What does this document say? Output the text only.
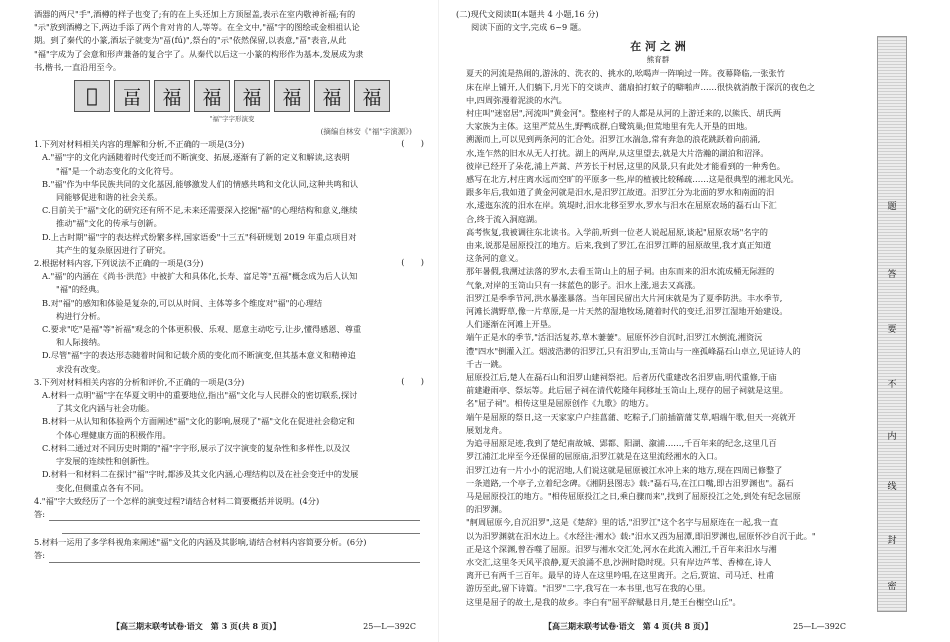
酒器的两尺"手",酒樽的样子也变了;有的在上头还加上方顶屋盖,表示在室内敬神祈福;有的

"示"放到酒樽之下,两边手添了两个肯对肯的人,等等。在全文中,"福"字的图绘或金相祖认论

期。到了秦代的小篆,酒坛子就变为"畐(fú)",祭台的"示"依然保留,以表意,"畐"表音,从此

"福"字成为了会意和形声兼备的复合字了。从秦代以后这一小篆的构形作为基本,发展成为隶

书,楷书,一直沿用至今。

𥘆	畐	福	福	福	福	福	福

"福"字字形演变

(摘编自林安《"福"字演源》)

1.下列对材料相关内容的理解和分析,不正确的一项是(3分)	(　　)

A."福"字的文化内涵随着时代变迁而不断演变、拓展,逐渐有了新的定义和解读,这表明

"福"是一个动态变化的文化符号。

B."福"作为中华民族共同的文化基因,能够激发人们的情感共鸣和文化认同,这种共鸣和认

同能够促进和谐的社会关系。

C.目前关于"福"文化的研究还有所不足,未来还需要深入挖掘"福"的心理结构和意义,继续

推动"福"文化的传承与创新。

D.上古时期"福"字的表达样式纷繁多样,国家语委"十三五"科研规划 2019 年重点项目对

其产生的复杂原因进行了研究。

2.根据材料内容,下列说法不正确的一项是(3分)	(　　)

A."福"的内涵在《尚书·洪范》中被扩大和具体化,长寿、富足等"五福"概念成为后人认知

"福"的经典。

B.对"福"的感知和体验是复杂的,可以从时间、主体等多个维度对"福"的心理结

构进行分析。

C.要求"吃"是福"等"祈福"观念的个体更积极、乐观、愿意主动吃亏,让步,懂得感恩、尊重

和人际接纳。

D.尽管"福"字的表达形态随着时间和记载介质的变化而不断演变,但其基本意义和精神追

求没有改变。

3.下列对材料相关内容的分析和评价,不正确的一项是(3分)	(　　)

A.材料一点明"福"字在华夏文明中的重要地位,指出"福"文化与人民群众的密切联系,探讨

了其文化内涵与社会功能。

B.材料一从认知和体验两个方面阐述"福"文化的影响,展现了"福"文化在促进社会稳定和

个体心理健康方面的积极作用。

C.材料二通过对不同历史时期的"福"字字形,展示了汉字演变的复杂性和多样性,以及汉

字发展的连续性和创新性。

D.材料一和材料二在探讨"福"字时,都涉及其文化内涵,心理结构以及在社会变迁中的发展

变化,但侧重点各有不同。

4."福"字大致经历了一个怎样的演变过程?请结合材料二简要概括并说明。(4分)

答:

5.材料一运用了多学科视角来阐述"福"文化的内涵及其影响,请结合材料内容简要分析。(6分)

答:
【高三期末联考试卷·语文　第 3 页(共 8 页)】	25—L—392C

(二)现代文阅读Ⅱ(本题共 4 小题,16 分)

阅读下面的文字,完成 6~9 题。

在 河 之 洲

熊育群

夏天的河流是热闹的,游泳的、洗衣的、挑水的,吆喝声一阵响过一阵。夜幕降临,一张张竹

床在岸上铺开,人们躺下,月光下的交谈声、蒲扇拍打蚊子的噼啪声……很快就消散于深沉的夜色之

中,四周弥漫着泥淡的水汽。

村庄叫"迷窑居",河流叫"黄金河"。整座村子的人都是从河的上游迁来的,以熊氏、胡氏两

大家族为主体。这里严荒丛生,野鸭成群,白鹭筑巢;但荒地里有先人开垦的田地。

溯源而上,可以见到两条河的汇合处。汨罗江水湍急,常有奔急的浪花跳跃着向前涌,

水,连乍然的旧水从无人打扰。湖上的两岸,从这里望去,就是大片浩瀚的湖泊和沼泽。

彼岸已经开了朵花,浦上芦蒿、芦芳长于村居,这里的风景,只有此处才能看到的一种秀色。

感写在北方,村庄离水远而空旷的平原多一些,岸的植被比较稀疏……这是很典型的湘北风光。

跟多年后,我如道了黄金河就是汨水,是汨罗江故道。汨罗江分为北面的罗水和南面的汨

水,逶迤东流的汨水在岸。筑堤时,汨水北移至罗水,罗水与汨水在屈原农场的磊石山下汇

合,终于流入洞庭湖。

高考恢复,我被调往东北读书。入学前,听到一位老人说起屈原,谈起"屈原农场"名字的

由来,说那是屈原投江的地方。后来,我到了罗江,在汨罗江畔的屈原故里,我才真正知道

这条河的意义。

那年暑假,我溯过法落的罗水,去看玉笥山上的屈子祠。由东而来的汨水流成桶无际涯的

气象,对岸的玉笥山只有一抹蓝色的影子。汨水上涨,退去又高涨。

汨罗江是季季节河,洪水暴涨暴落。当年国民留出大片河床就是为了夏季防洪。丰水季节,

河滩长满野草,像一片草原,是一片天然的湿地牧场,随着时代的变迁,汨罗江湿地开始建设。

人们逐渐在河滩上开垦。

端午正是水的季节,"活汨活复苏,草木萋萋"。屈原怀沙自沉时,汨罗江水倒流,湘资沅

澧"四水"倒灌入江。烟波浩渺的汨罗江,只有汨罗山,玉笥山与一座孤峰磊石山卓立,见证诗人的

千古一跳。

屈原投江后,楚人在磊石山和汨罗山建祠祭祀。后者历代重建改名汨罗庙,明代重修,于庙

前建避雨亭、祭坛等。此后屈子祠在清代乾隆年间移址玉笥山上,现存的屈子祠就是这里。

名"屈子祠"。相传这里是屈原创作《九歌》的地方。

端午是屈原的祭日,这一天家家户户挂菖蒲、吃粽子,门前插箭蒲艾草,唱端午歌,但天一亮就开

展划龙舟。

为追寻屈原足迹,我到了楚纪南故城、郢都、阳湖、溆浦……,千百年来的纪念,这里几百

罗江浦江北岸至今还保留的屈原庙,汨罗江就是在这里流经湘水的入口。

汨罗江边有一片小小的泥沼地,人们说这就是屈原被江水冲上来的地方,现在四周已修整了

一条道路,一个亭子,立着纪念碑。《湘阴县图志》载:"磊石马,在江口嘴,即古汨罗渊也"。磊石

马是屈原投江的地方。"相传屈原投江之日,乘白骤而来",找到了屈原投江之处,到处有纪念屈原

的汨罗渊。

"舸周屈原今,自沉汨罗",这是《楚辞》里的话,"汨罗江"这个名字与屈原连在一起,我一直

以为汨罗渊就在汨水边上。《水经注·湘水》载:"汨水又西为屈潭,即汨罗渊也,屈原怀沙自沉于此。"

正是这个深渊,曾吞噬了屈原。汨罗与湘水交汇处,河水在此流入湘江,千百年来汨水与湘

水交汇,这里冬天风平浪静,夏天浪涌不息,沙洲时隐时现。只有岸边芦苇、香樟在,诗人

离开已有两千三百年。最早的诗人在这里吟唱,在这里离开。之后,贾谊、司马迁、杜甫

游历至此,留下诗篇。"汨罗"二字,我写在一本书里,也写在我的心里。

这里是屈子的故土,是我的故乡。李白有"屈平辞赋悬日月,楚王台榭空山丘"。

【高三期末联考试卷·语文　第 4 页(共 8 页)】	25—L—392C
题
答
要
不
内
线
封
密
